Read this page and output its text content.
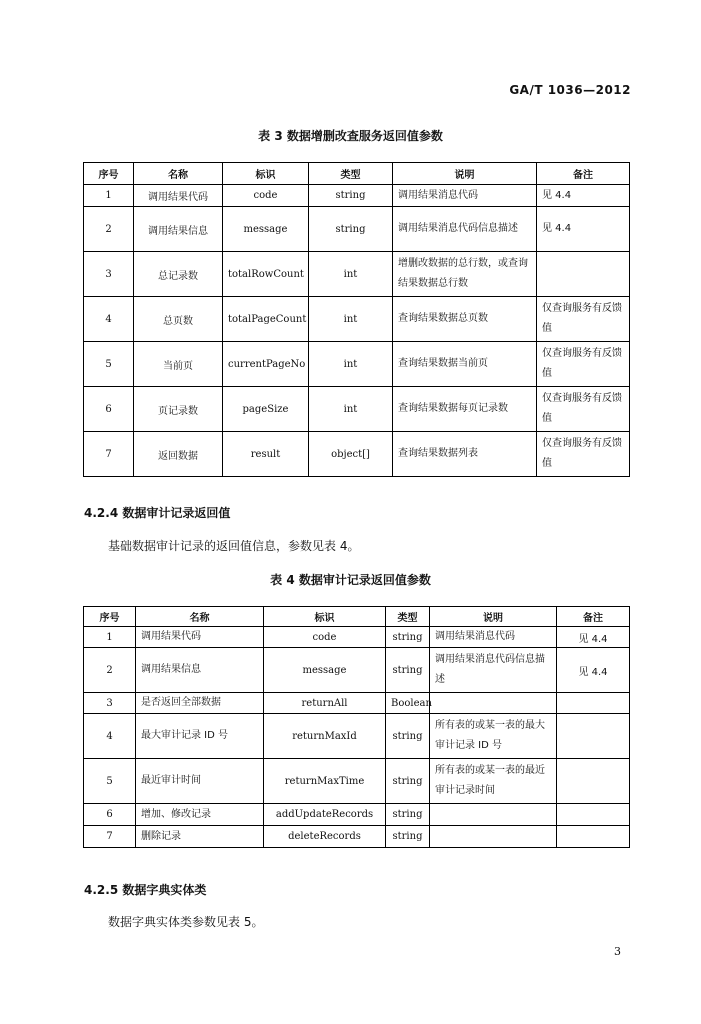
GA/T 1036—2012
表 3 数据增删改查服务返回值参数
序号	名称	标识	类型	说明	备注
1	调用结果代码	code	string	调用结果消息代码	见 4.4
2	调用结果信息	message	string	调用结果消息代码信息描述	见 4.4
3	总记录数	totalRowCount	int	增删改数据的总行数，或查询结果数据总行数	
4	总页数	totalPageCount	int	查询结果数据总页数	仅查询服务有反馈值
5	当前页	currentPageNo	int	查询结果数据当前页	仅查询服务有反馈值
6	页记录数	pageSize	int	查询结果数据每页记录数	仅查询服务有反馈值
7	返回数据	result	object[]	查询结果数据列表	仅查询服务有反馈值
4.2.4 数据审计记录返回值
基础数据审计记录的返回值信息，参数见表 4。
表 4 数据审计记录返回值参数
序号	名称	标识	类型	说明	备注
1	调用结果代码	code	string	调用结果消息代码	见 4.4
2	调用结果信息	message	string	调用结果消息代码信息描述	见 4.4
3	是否返回全部数据	returnAll	Boolean		
4	最大审计记录 ID 号	returnMaxId	string	所有表的或某一表的最大审计记录 ID 号	
5	最近审计时间	returnMaxTime	string	所有表的或某一表的最近审计记录时间	
6	增加、修改记录	addUpdateRecords	string		
7	删除记录	deleteRecords	string		
4.2.5 数据字典实体类
数据字典实体类参数见表 5。
3
